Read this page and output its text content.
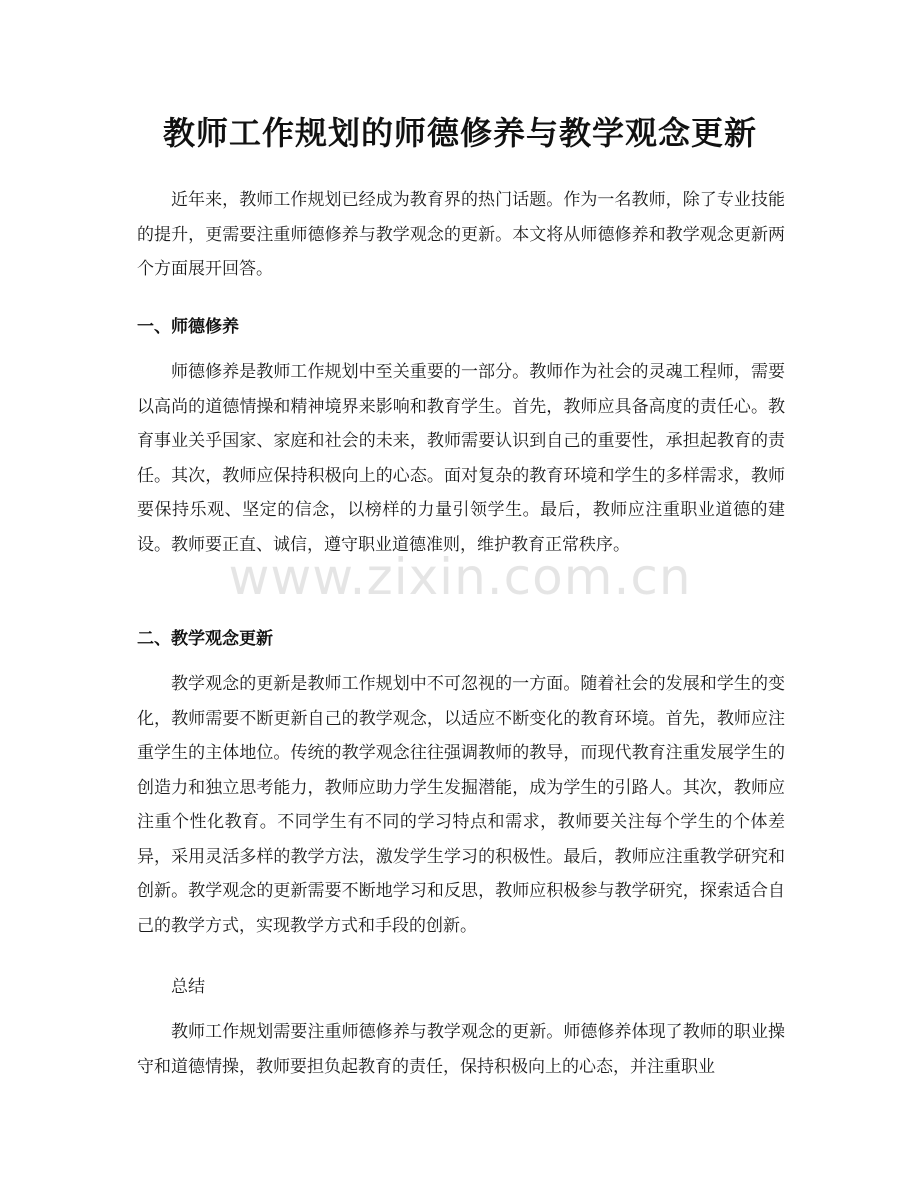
教师工作规划的师德修养与教学观念更新

近年来，教师工作规划已经成为教育界的热门话题。作为一名教师，除了专业技能的提升，更需要注重师德修养与教学观念的更新。本文将从师德修养和教学观念更新两个方面展开回答。

一、师德修养

师德修养是教师工作规划中至关重要的一部分。教师作为社会的灵魂工程师，需要以高尚的道德情操和精神境界来影响和教育学生。首先，教师应具备高度的责任心。教育事业关乎国家、家庭和社会的未来，教师需要认识到自己的重要性，承担起教育的责任。其次，教师应保持积极向上的心态。面对复杂的教育环境和学生的多样需求，教师要保持乐观、坚定的信念，以榜样的力量引领学生。最后，教师应注重职业道德的建设。教师要正直、诚信，遵守职业道德准则，维护教育正常秩序。

二、教学观念更新

教学观念的更新是教师工作规划中不可忽视的一方面。随着社会的发展和学生的变化，教师需要不断更新自己的教学观念，以适应不断变化的教育环境。首先，教师应注重学生的主体地位。传统的教学观念往往强调教师的教导，而现代教育注重发展学生的创造力和独立思考能力，教师应助力学生发掘潜能，成为学生的引路人。其次，教师应注重个性化教育。不同学生有不同的学习特点和需求，教师要关注每个学生的个体差异，采用灵活多样的教学方法，激发学生学习的积极性。最后，教师应注重教学研究和创新。教学观念的更新需要不断地学习和反思，教师应积极参与教学研究，探索适合自己的教学方式，实现教学方式和手段的创新。

总结

教师工作规划需要注重师德修养与教学观念的更新。师德修养体现了教师的职业操守和道德情操，教师要担负起教育的责任，保持积极向上的心态，并注重职业

www.zixin.com.cn
